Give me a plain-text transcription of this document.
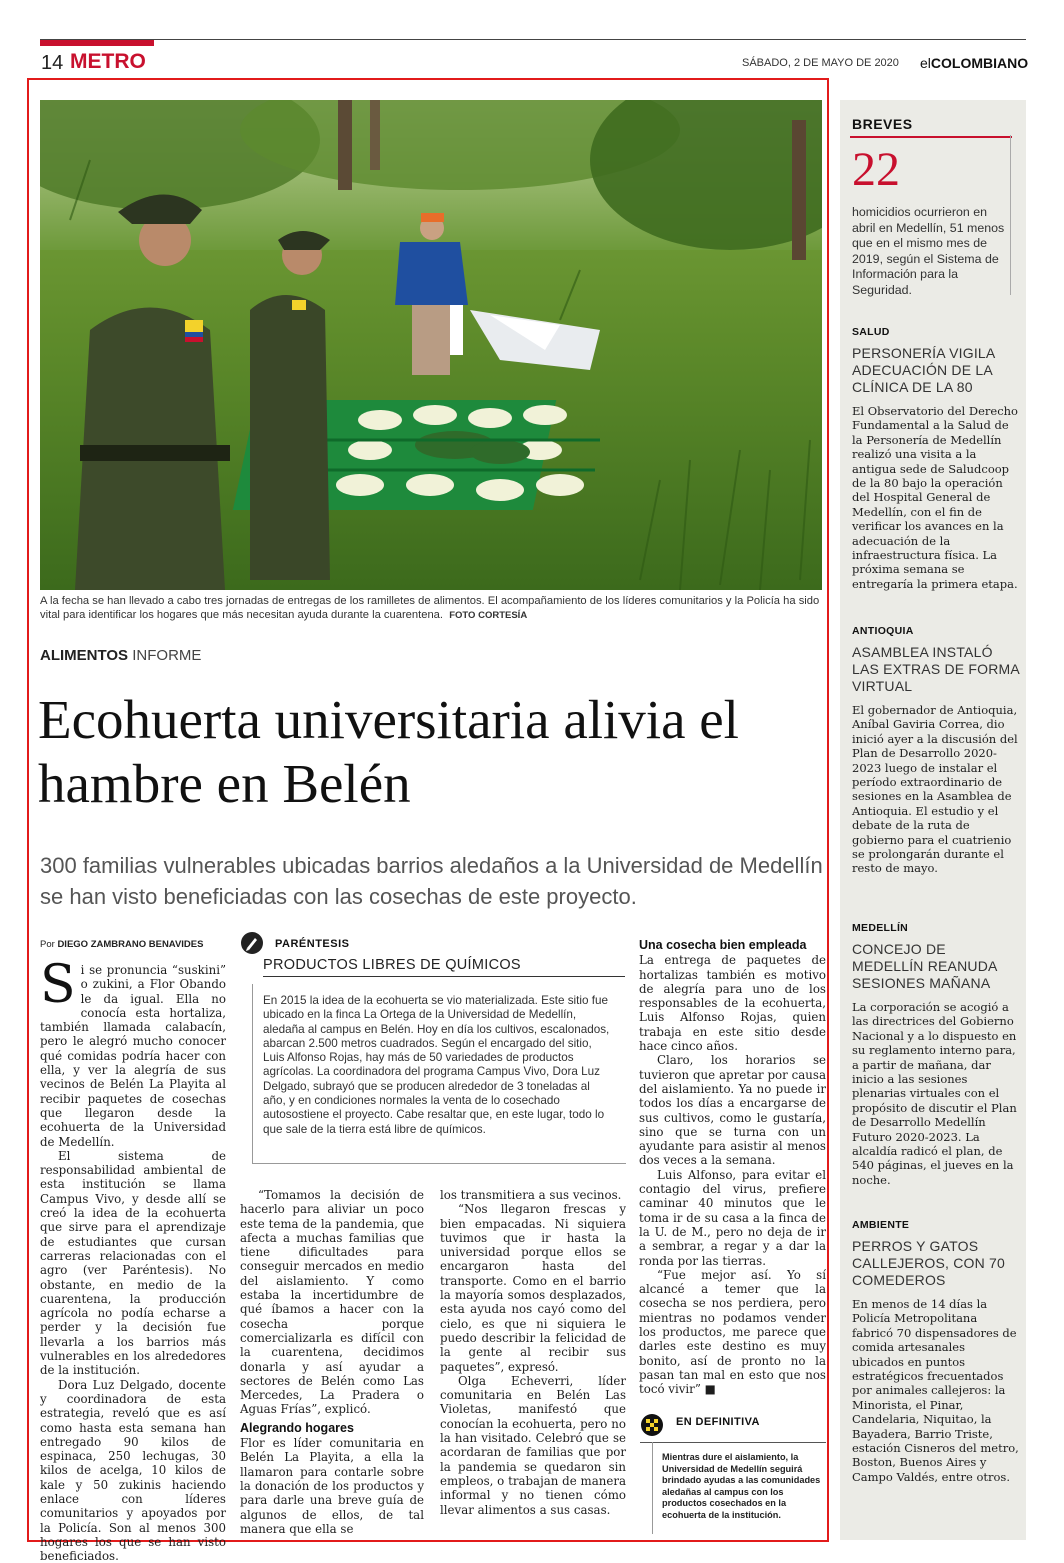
14 METRO	SÁBADO, 2 DE MAYO DE 2020 elCOLOMBIANO
A la fecha se han llevado a cabo tres jornadas de entregas de los ramilletes de alimentos. El acompañamiento de los líderes comunitarios y la Policía ha sido vital para identificar los hogares que más necesitan ayuda durante la cuarentena. FOTO CORTESÍA
ALIMENTOS INFORME
Ecohuerta universitaria alivia el hambre en Belén
300 familias vulnerables ubicadas barrios aledaños a la Universidad de Medellín se han visto beneficiadas con las cosechas de este proyecto.
Por DIEGO ZAMBRANO BENAVIDES

Si se pronuncia “suskini” o zukini, a Flor Obando le da igual. Ella no conocía esta hortaliza, también llamada calabacín, pero le alegró mucho conocer qué comidas podría hacer con ella, y ver la alegría de sus vecinos de Belén La Playita al recibir paquetes de cosechas que llegaron desde la ecohuerta de la Universidad de Medellín.

El sistema de responsabilidad ambiental de esta institución se llama Campus Vivo, y desde allí se creó la idea de la ecohuerta que sirve para el aprendizaje de estudiantes que cursan carreras relacionadas con el agro (ver Paréntesis). No obstante, en medio de la cuarentena, la producción agrícola no podía echarse a perder y la decisión fue llevarla a los barrios más vulnerables en los alrededores de la institución.

Dora Luz Delgado, docente y coordinadora de esta estrategia, reveló que es así como hasta esta semana han entregado 90 kilos de espinaca, 250 lechugas, 30 kilos de acelga, 10 kilos de kale y 50 zukinis haciendo enlace con líderes comunitarios y apoyados por la Policía. Son al menos 300 hogares los que se han visto beneficiados.

PARÉNTESIS
PRODUCTOS LIBRES DE QUÍMICOS
En 2015 la idea de la ecohuerta se vio materializada. Este sitio fue ubicado en la finca La Ortega de la Universidad de Medellín, aledaña al campus en Belén. Hoy en día los cultivos, escalonados, abarcan 2.500 metros cuadrados. Según el encargado del sitio, Luis Alfonso Rojas, hay más de 50 variedades de productos agrícolas. La coordinadora del programa Campus Vivo, Dora Luz Delgado, subrayó que se producen alrededor de 3 toneladas al año, y en condiciones normales la venta de lo cosechado autosostiene el proyecto. Cabe resaltar que, en este lugar, todo lo que sale de la tierra está libre de químicos.

“Tomamos la decisión de hacerlo para aliviar un poco este tema de la pandemia, que afecta a muchas familias que tiene dificultades para conseguir mercados en medio del aislamiento. Y como estaba la incertidumbre de qué íbamos a hacer con la cosecha porque comercializarla es difícil con la cuarentena, decidimos donarla y así ayudar a sectores de Belén como Las Mercedes, La Pradera o Aguas Frías”, explicó.

Alegrando hogares

Flor es líder comunitaria en Belén La Playita, a ella la llamaron para contarle sobre la donación de los productos y para darle una breve guía de algunos de ellos, de tal manera que ella se

los transmitiera a sus vecinos.

“Nos llegaron frescas y bien empacadas. Ni siquiera tuvimos que ir hasta la universidad porque ellos se encargaron hasta del transporte. Como en el barrio la mayoría somos desplazados, esta ayuda nos cayó como del cielo, es que ni siquiera le puedo describir la felicidad de la gente al recibir sus paquetes”, expresó.

Olga Echeverri, líder comunitaria en Belén Las Violetas, manifestó que conocían la ecohuerta, pero no la han visitado. Celebró que se acordaran de familias que por la pandemia se quedaron sin empleos, o trabajan de manera informal y no tienen cómo llevar alimentos a sus casas.

Una cosecha bien empleada

La entrega de paquetes de hortalizas también es motivo de alegría para uno de los responsables de la ecohuerta, Luis Alfonso Rojas, quien trabaja en este sitio desde hace cinco años.

Claro, los horarios se tuvieron que apretar por causa del aislamiento. Ya no puede ir todos los días a encargarse de sus cultivos, como le gustaría, sino que se turna con un ayudante para asistir al menos dos veces a la semana.

Luis Alfonso, para evitar el contagio del virus, prefiere caminar 40 minutos que le toma ir de su casa a la finca de la U. de M., pero no deja de ir a sembrar, a regar y a dar la ronda por las tierras.

“Fue mejor así. Yo sí alcancé a temer que la cosecha se nos perdiera, pero mientras no podamos vender los productos, me parece que darles este destino es muy bonito, así de pronto no la pasan tan mal en esto que nos tocó vivir” ■

EN DEFINITIVA
Mientras dure el aislamiento, la Universidad de Medellín seguirá brindado ayudas a las comunidades aledañas al campus con los productos cosechados en la ecohuerta de la institución.
BREVES
22
homicidios ocurrieron en abril en Medellín, 51 menos que en el mismo mes de 2019, según el Sistema de Información para la Seguridad.
SALUD
PERSONERÍA VIGILA ADECUACIÓN DE LA CLÍNICA DE LA 80
El Observatorio del Derecho Fundamental a la Salud de la Personería de Medellín realizó una visita a la antigua sede de Saludcoop de la 80 bajo la operación del Hospital General de Medellín, con el fin de verificar los avances en la adecuación de la infraestructura física. La próxima semana se entregaría la primera etapa.
ANTIOQUIA
ASAMBLEA INSTALÓ LAS EXTRAS DE FORMA VIRTUAL
El gobernador de Antioquia, Aníbal Gaviria Correa, dio inició ayer a la discusión del Plan de Desarrollo 2020-2023 luego de instalar el período extraordinario de sesiones en la Asamblea de Antioquia. El estudio y el debate de la ruta de gobierno para el cuatrienio se prolongarán durante el resto de mayo.
MEDELLÍN
CONCEJO DE MEDELLÍN REANUDA SESIONES MAÑANA
La corporación se acogió a las directrices del Gobierno Nacional y a lo dispuesto en su reglamento interno para, a partir de mañana, dar inicio a las sesiones plenarias virtuales con el propósito de discutir el Plan de Desarrollo Medellín Futuro 2020-2023. La alcaldía radicó el plan, de 540 páginas, el jueves en la noche.
AMBIENTE
PERROS Y GATOS CALLEJEROS, CON 70 COMEDEROS
En menos de 14 días la Policía Metropolitana fabricó 70 dispensadores de comida artesanales ubicados en puntos estratégicos frecuentados por animales callejeros: la Minorista, el Pinar, Candelaria, Niquitao, la Bayadera, Barrio Triste, estación Cisneros del metro, Boston, Buenos Aires y Campo Valdés, entre otros.
